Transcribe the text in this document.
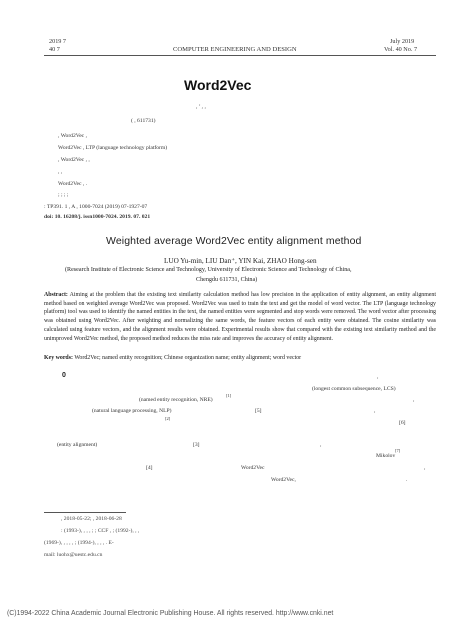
2019 7
40 7	COMPUTER ENGINEERING AND DESIGN
July 2019
Vol. 40 No. 7
Word2Vec
, ’ , ,
( , 611731)
, Word2Vec ,
Word2Vec , LTP (language technology platform)
, Word2Vec , ,
, ,
Word2Vec , .
; ; ; ;
: TP391. 1 , A , 1000-7024 (2019) 07-1927-07
doi: 10. 16208/j. issn1000-7024. 2019. 07. 021
Weighted average Word2Vec entity alignment method
LUO Yu-min, LIU Dan⁺, YIN Kai, ZHAO Hong-sen
(Research Institute of Electronic Science and Technology, University of Electronic Science and Technology of China,
Chengdu 611731, China)
Abstract: Aiming at the problem that the existing text similarity calculation method has low precision in the application of entity alignment, an entity alignment method based on weighted average Word2Vec was proposed. Word2Vec was used to train the text and get the model of word vector. The LTP (language technology platform) tool was used to identify the named entities in the text, the named entities were segmented and stop words were removed. The word vector after processing was obtained using Word2Vec. After weighting and normalizing the same words, the feature vectors of each entity were obtained. The cosine similarity was calculated using feature vectors, and the alignment results were obtained. Experimental results show that compared with the existing text similarity method and the unimproved Word2Vec method, the proposed method reduces the miss rate and improves the accuracy of entity alignment.
Key words: Word2Vec; named entity recognition; Chinese organization name; entity alignment; word vector
0	,
(longest common subsequence, LCS)
(named entity recognition, NRE)
[1]
,
(natural language processing, NLP)	[5]	,
[2]
[6]
(entity alignment)	[3]	,
Mikolov
[7]
[4]	Word2Vec	,
Word2Vec,	.
, 2018-05-22; , 2018-06-28
: (1993-), , , , ; ; CCF , ; (1992-), , ,
(1969-), , , , , ; (1994-), , , , . E-
mail: luohx@uestc.edu.cn
(C)1994-2022 China Academic Journal Electronic Publishing House. All rights reserved. http://www.cnki.net
